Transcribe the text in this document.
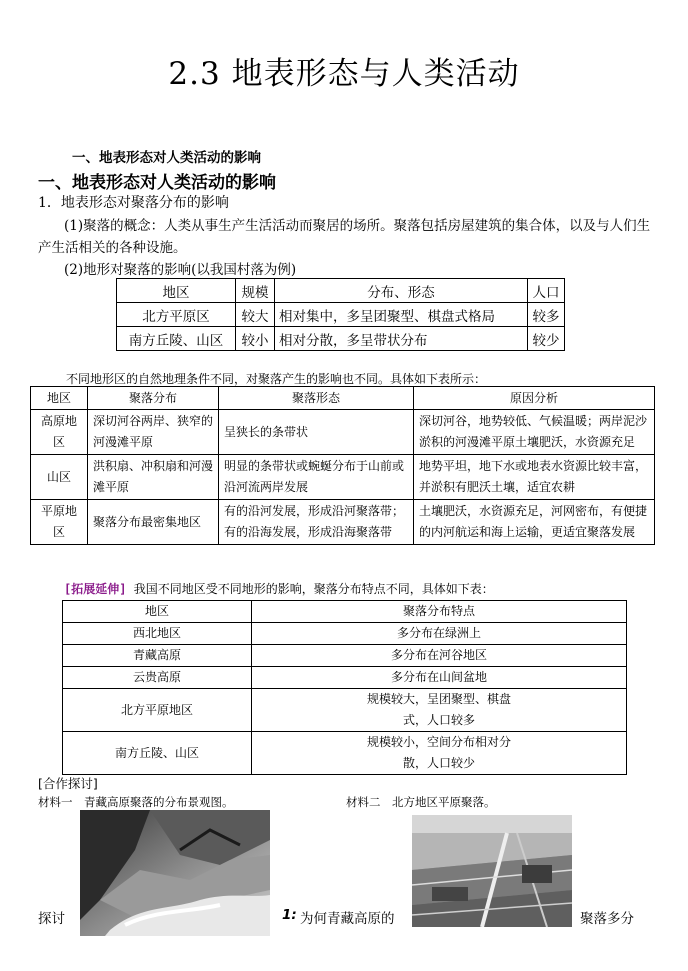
2.3 地表形态与人类活动
一、地表形态对人类活动的影响
一、地表形态对人类活动的影响
1．地表形态对聚落分布的影响
(1)聚落的概念：人类从事生产生活活动而聚居的场所。聚落包括房屋建筑的集合体，以及与人们生产生活相关的各种设施。
(2)地形对聚落的影响(以我国村落为例)
地区	规模	分布、形态	人口
北方平原区	较大	相对集中，多呈团聚型、棋盘式格局	较多
南方丘陵、山区	较小	相对分散，多呈带状分布	较少
不同地形区的自然地理条件不同，对聚落产生的影响也不同。具体如下表所示：
地区	聚落分布	聚落形态	原因分析
高原地区	深切河谷两岸、狭窄的河漫滩平原	呈狭长的条带状	深切河谷，地势较低、气候温暖；两岸泥沙淤积的河漫滩平原土壤肥沃，水资源充足
山区	洪积扇、冲积扇和河漫滩平原	明显的条带状或蜿蜒分布于山前或沿河流两岸发展	地势平坦，地下水或地表水资源比较丰富，并淤积有肥沃土壤，适宜农耕
平原地区	聚落分布最密集地区	有的沿河发展，形成沿河聚落带；有的沿海发展，形成沿海聚落带	土壤肥沃，水资源充足，河网密布，有便捷的内河航运和海上运输，更适宜聚落发展
[拓展延伸] 我国不同地区受不同地形的影响，聚落分布特点不同，具体如下表：
地区	聚落分布特点
西北地区	多分布在绿洲上
青藏高原	多分布在河谷地区
云贵高原	多分布在山间盆地
北方平原地区	规模较大，呈团聚型、棋盘式，人口较多
南方丘陵、山区	规模较小，空间分布相对分散，人口较少
[合作探讨]
材料一　青藏高原聚落的分布景观图。	材料二　北方地区平原聚落。
探讨	1: 为何青藏高原的	聚落多分
